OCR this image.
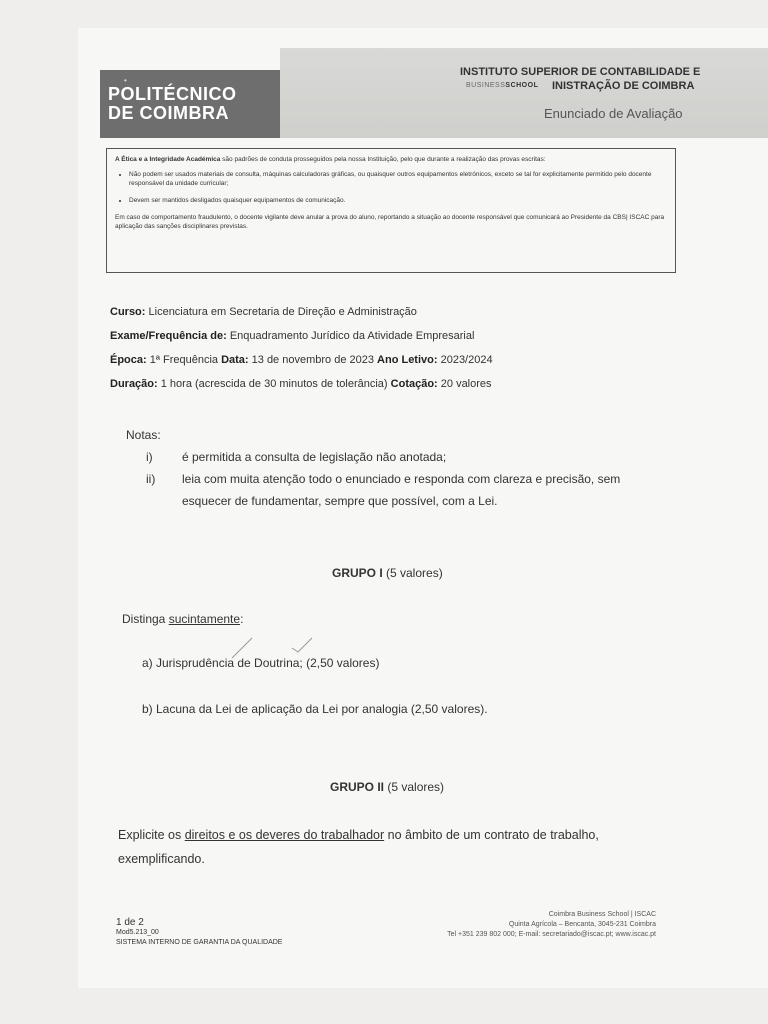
•
POLITÉCNICO
DE COIMBRA
INSTITUTO SUPERIOR DE CONTABILIDADE E
BUSINESSSCHOOL INISTRAÇÃO DE COIMBRA
Enunciado de Avaliação

A Ética e a Integridade Académica são padrões de conduta prosseguidos pela nossa Instituição, pelo que durante a realização das provas escritas:

• Não podem ser usados materiais de consulta, máquinas calculadoras gráficas, ou quaisquer outros equipamentos eletrónicos, exceto se tal for explicitamente permitido pelo docente responsável da unidade curricular;
• Devem ser mantidos desligados quaisquer equipamentos de comunicação.

Em caso de comportamento fraudulento, o docente vigilante deve anular a prova do aluno, reportando a situação ao docente responsável que comunicará ao Presidente da CBS| ISCAC para aplicação das sanções disciplinares previstas.

Curso: Licenciatura em Secretaria de Direção e Administração
Exame/Frequência de: Enquadramento Jurídico da Atividade Empresarial
Época: 1ª Frequência Data: 13 de novembro de 2023 Ano Letivo: 2023/2024
Duração: 1 hora (acrescida de 30 minutos de tolerância) Cotação: 20 valores
Notas:
i) é permitida a consulta de legislação não anotada;
ii) leia com muita atenção todo o enunciado e responda com clareza e precisão, sem
esquecer de fundamentar, sempre que possível, com a Lei.
GRUPO I (5 valores)
Distinga sucintamente:
a) Jurisprudência de Doutrina; (2,50 valores)
b) Lacuna da Lei de aplicação da Lei por analogia (2,50 valores).
GRUPO II (5 valores)
Explicite os direitos e os deveres do trabalhador no âmbito de um contrato de trabalho,
exemplificando.
1 de 2
Mod5.213_00
SISTEMA INTERNO DE GARANTIA DA QUALIDADE
Coimbra Business School | ISCAC
Quinta Agrícola – Bencanta, 3045-231 Coimbra
Tel +351 239 802 000; E-mail: secretariado@iscac.pt; www.iscac.pt
